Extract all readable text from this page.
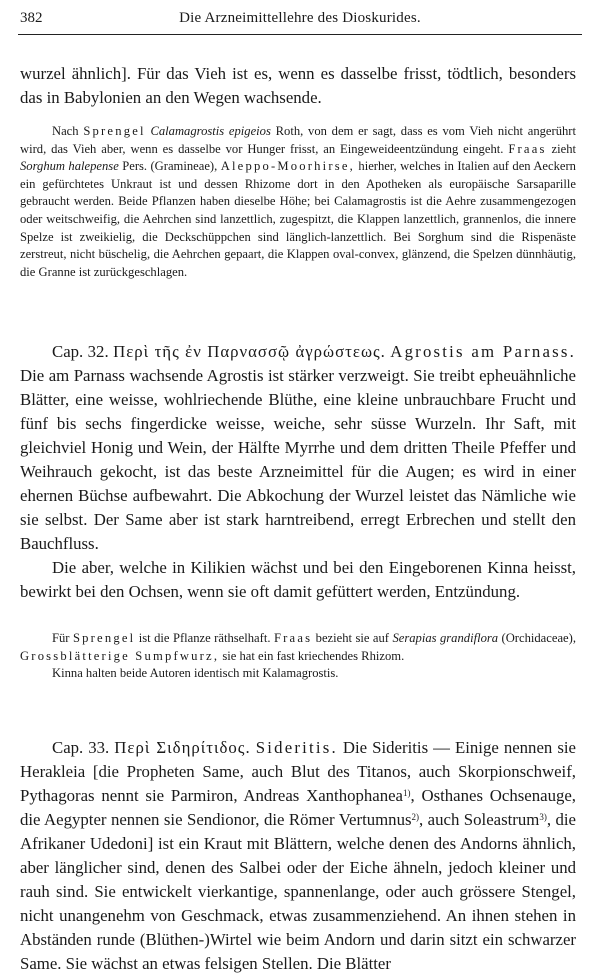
382	Die Arzneimittellehre des Dioskurides.

wurzel ähnlich]. Für das Vieh ist es, wenn es dasselbe frisst, tödtlich, besonders das in Babylonien an den Wegen wachsende.

Nach Sprengel Calamagrostis epigeios Roth, von dem er sagt, dass es vom Vieh nicht angerührt wird, das Vieh aber, wenn es dasselbe vor Hunger frisst, an Eingeweideentzündung eingeht. Fraas zieht Sorghum halepense Pers. (Gramineae), Aleppo-Moorhirse, hierher, welches in Italien auf den Aeckern ein gefürchtetes Unkraut ist und dessen Rhizome dort in den Apotheken als europäische Sarsaparille gebraucht werden. Beide Pflanzen haben dieselbe Höhe; bei Calamagrostis ist die Aehre zusammengezogen oder weitschweifig, die Aehrchen sind lanzettlich, zugespitzt, die Klappen lanzettlich, grannenlos, die innere Spelze ist zweikielig, die Deckschüppchen sind länglich-lanzettlich. Bei Sorghum sind die Rispenäste zerstreut, nicht büschelig, die Aehrchen gepaart, die Klappen oval-convex, glänzend, die Spelzen dünnhäutig, die Granne ist zurückgeschlagen.

Cap. 32. Περὶ τῆς ἐν Παρνασσῷ ἀγρώστεως. Agrostis am Parnass. Die am Parnass wachsende Agrostis ist stärker verzweigt. Sie treibt epheuähnliche Blätter, eine weisse, wohlriechende Blüthe, eine kleine unbrauchbare Frucht und fünf bis sechs fingerdicke weisse, weiche, sehr süsse Wurzeln. Ihr Saft, mit gleichviel Honig und Wein, der Hälfte Myrrhe und dem dritten Theile Pfeffer und Weihrauch gekocht, ist das beste Arzneimittel für die Augen; es wird in einer ehernen Büchse aufbewahrt. Die Abkochung der Wurzel leistet das Nämliche wie sie selbst. Der Same aber ist stark harntreibend, erregt Erbrechen und stellt den Bauchfluss.

Die aber, welche in Kilikien wächst und bei den Eingeborenen Kinna heisst, bewirkt bei den Ochsen, wenn sie oft damit gefüttert werden, Entzündung.

Für Sprengel ist die Pflanze räthselhaft. Fraas bezieht sie auf Serapias grandiflora (Orchidaceae), Grossblätterige Sumpfwurz, sie hat ein fast kriechendes Rhizom.

Kinna halten beide Autoren identisch mit Kalamagrostis.

Cap. 33. Περὶ Σιδηρίτιδος. Sideritis. Die Sideritis — Einige nennen sie Herakleia [die Propheten Same, auch Blut des Titanos, auch Skorpionschweif, Pythagoras nennt sie Parmiron, Andreas Xanthophanea$^{1)}$, Osthanes Ochsenauge, die Aegypter nennen sie Sendionor, die Römer Vertumnus$^{2)}$, auch Soleastrum$^{3)}$, die Afrikaner Udedoni] ist ein Kraut mit Blättern, welche denen des Andorns ähnlich, aber länglicher sind, denen des Salbei oder der Eiche ähneln, jedoch kleiner und rauh sind. Sie entwickelt vierkantige, spannenlange, oder auch grössere Stengel, nicht unangenehm von Geschmack, etwas zusammenziehend. An ihnen stehen in Abständen runde (Blüthen-)Wirtel wie beim Andorn und darin sitzt ein schwarzer Same. Sie wächst an etwas felsigen Stellen. Die Blätter
